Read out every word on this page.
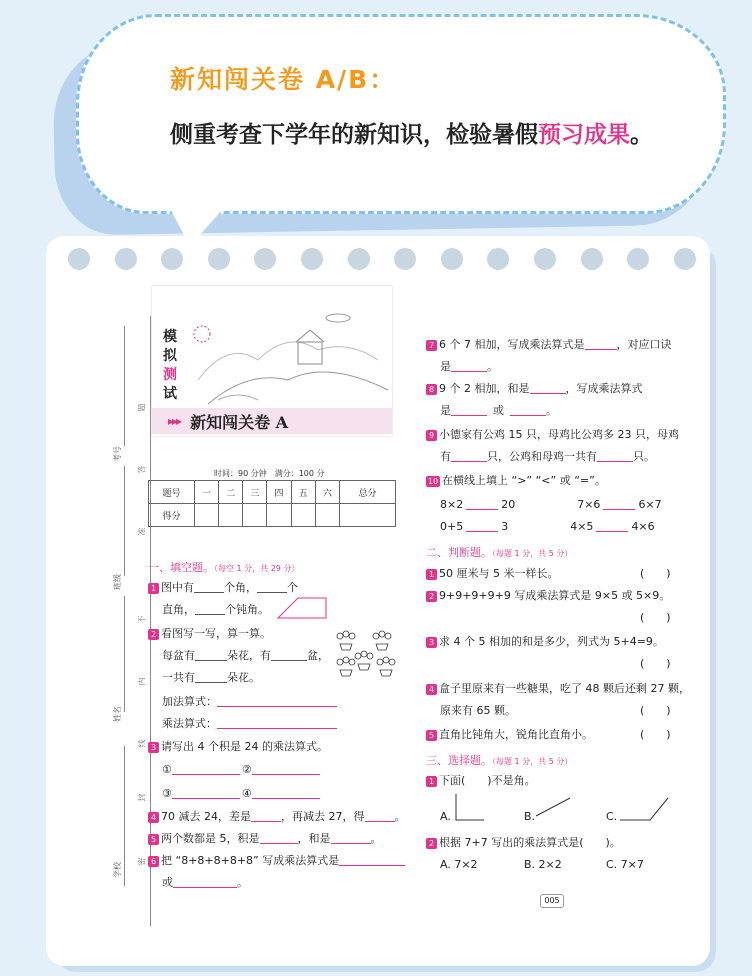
新知闯关卷 A/B：
侧重考查下学年的新知识，检验暑假预习成果。
学校
姓名
班级
考号
密
封
线
内
不
准
答
题
模
拟
测
试
▸▸▸ 新知闯关卷 A
时间：90 分钟　满分：100 分
题号	一	二	三	四	五	六	总分
得分							
一、填空题。（每空 1 分，共 29 分）
1 图中有	个角，	个
直角，	个钝角。
2 看图写一写，算一算。
每盆有	朵花，有	盆，
一共有	朵花。
加法算式：
乘法算式：
3 请写出 4 个积是 24 的乘法算式。
①	②
③	④
4 70 减去 24，差是	，再减去 27，得	。
5 两个数都是 5，积是	，和是	。
6 把 “8+8+8+8+8” 写成乘法算式是
或	。
7 6 个 7 相加，写成乘法算式是	，对应口诀
是	。
8 9 个 2 相加，和是	，写成乘法算式
是	或	。
9 小德家有公鸡 15 只，母鸡比公鸡多 23 只，母鸡
有	只，公鸡和母鸡一共有	只。
10 在横线上填上 “>” “<” 或 “=”。
8×2	20	7×6	6×7
0+5	3	4×5	4×6
二、判断题。（每题 1 分，共 5 分）
1 50 厘米与 5 米一样长。	(　　)
2 9+9+9+9+9 写成乘法算式是 9×5 或 5×9。
(　　)
3 求 4 个 5 相加的和是多少，列式为 5+4=9。
(　　)
4 盒子里原来有一些糖果，吃了 48 颗后还剩 27 颗，
原来有 65 颗。	(　　)
5 直角比钝角大，锐角比直角小。	(　　)
三、选择题。（每题 1 分，共 5 分）
1 下面(　　)不是角。
A.	B.	C.
2 根据 7+7 写出的乘法算式是(　　)。
A. 7×2	B. 2×2	C. 7×7
005
